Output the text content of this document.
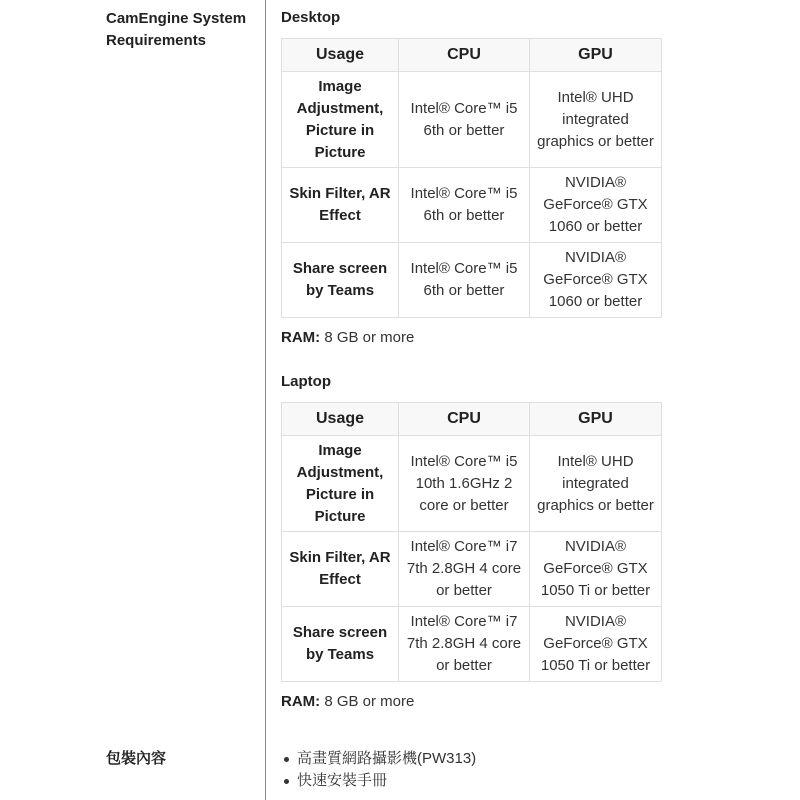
CamEngine System Requirements

Desktop

Usage	CPU	GPU
Image Adjustment, Picture in Picture	Intel® Core™ i5 6th or better	Intel® UHD integrated graphics or better
Skin Filter, AR Effect	Intel® Core™ i5 6th or better	NVIDIA® GeForce® GTX 1060 or better
Share screen by Teams	Intel® Core™ i5 6th or better	NVIDIA® GeForce® GTX 1060 or better
RAM: 8 GB or more

Laptop

Usage	CPU	GPU
Image Adjustment, Picture in Picture	Intel® Core™ i5 10th 1.6GHz 2 core or better	Intel® UHD integrated graphics or better
Skin Filter, AR Effect	Intel® Core™ i7 7th 2.8GH 4 core or better	NVIDIA® GeForce® GTX 1050 Ti or better
Share screen by Teams	Intel® Core™ i7 7th 2.8GH 4 core or better	NVIDIA® GeForce® GTX 1050 Ti or better
RAM: 8 GB or more
包裝內容	高畫質網路攝影機(PW313)
快速安裝手冊
